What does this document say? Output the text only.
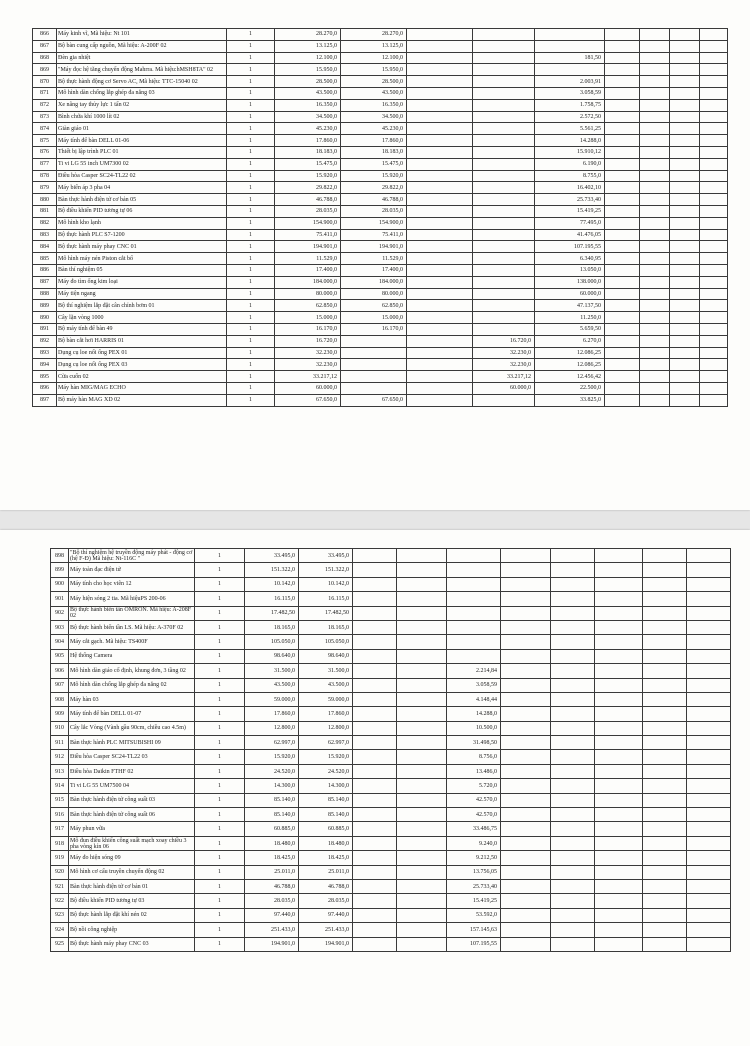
866	Máy kinh vĩ, Mã hiệu: Nt 101	1	28.270,0	28.270,0							
867	Bộ bàn cung cấp nguồn, Mã hiệu: A-200F 02	1	13.125,0	13.125,0							
868	Đèn gia nhiệt	1	12.100,0	12.100,0			181,50				
869	"Máy đọc hệ tăng chuyển động Mahrra. Mã hiệu:hMSH8TA" 02	1	15.950,0	15.950,0							
870	Bộ thực hành động cơ Servo AC, Mã hiệu: TTC-15040 02	1	28.500,0	28.500,0			2.003,91				
871	Mô hình dàn chống lắp ghép đa năng 03	1	43.500,0	43.500,0			3.058,59				
872	Xe nâng tay thủy lực 1 tấn 02	1	16.350,0	16.350,0			1.758,75				
873	Bình chứa khí 1000 lít 02	1	34.500,0	34.500,0			2.572,50				
874	Giàn giáo 01	1	45.230,0	45.230,0			5.561,25				
875	Máy tính để bàn DELL 01-06	1	17.860,0	17.860,0			14.288,0				
876	Thiết bị lập trình PLC 01	1	18.183,0	18.183,0			15.910,12				
877	Ti vi LG 55 inch UM7300 02	1	15.475,0	15.475,0			6.190,0				
878	Điều hòa Casper SC24-TL22 02	1	15.920,0	15.920,0			8.755,0				
879	Máy biến áp 3 pha 04	1	29.822,0	29.822,0			16.402,10				
880	Bàn thực hành điện tử cơ bản 05	1	46.788,0	46.788,0			25.733,40				
881	Bộ điều khiển PID tương tự 06	1	28.035,0	28.035,0			15.419,25				
882	Mô hình kho lạnh	1	154.900,0	154.900,0			77.495,0				
883	Bộ thực hành PLC S7-1200	1	75.411,0	75.411,0			41.476,05				
884	Bộ thực hành máy phay CNC 01	1	194.901,0	194.901,0			107.195,55				
885	Mô hình máy nén Piston cắt bổ	1	11.529,0	11.529,0			6.340,95				
886	Bàn thí nghiệm 05	1	17.400,0	17.400,0			13.050,0				
887	Máy đo tìm ống kim loại	1	184.000,0	184.000,0			138.000,0				
888	Máy tiện ngang	1	80.000,0	80.000,0			60.000,0				
889	Bộ thí nghiệm lắp đặt cân chỉnh bơm 01	1	62.850,0	62.850,0			47.137,50				
890	Cây lặn vòng 1000	1	15.000,0	15.000,0			11.250,0				
891	Bộ máy tính để bàn 49	1	16.170,0	16.170,0			5.659,50				
892	Bộ bàn cắt hơi HARRIS 01	1	16.720,0			16.720,0	6.270,0				
893	Dụng cụ loe nối ống PEX 01	1	32.230,0			32.230,0	12.086,25				
894	Dụng cụ loe nối ống PEX 03	1	32.230,0			32.230,0	12.086,25				
895	Cừa cuốn 02	1	33.217,12			33.217,12	12.456,42				
896	Máy hàn MIG/MAG ECHO	1	60.000,0			60.000,0	22.500,0				
897	Bộ máy hàn MAG XD 02	1	67.650,0	67.650,0			33.825,0				
898	"Bộ thí nghiệm hệ truyền động máy phát - động cơ (hệ F-Đ) Mã hiệu: Nt-116C "	1	33.495,0	33.495,0								
899	Máy toàn đạc điện tử	1	151.322,0	151.322,0								
900	Máy tính cho học viên 12	1	10.142,0	10.142,0								
901	Máy hiện sóng 2 tia. Mã hiệuPS 200-06	1	16.115,0	16.115,0								
902	Bộ thực hành biến tần OMRON. Mã hiệu: A-208F 02	1	17.482,50	17.482,50								
903	Bộ thực hành biến tần LS. Mã hiệu: A-370F 02	1	18.165,0	18.165,0								
904	Máy cắt gạch. Mã hiệu: TS400F	1	105.050,0	105.050,0								
905	Hệ thống Camera	1	98.640,0	98.640,0								
906	Mô hình dàn giáo cố định, khung đơn, 3 tầng 02	1	31.500,0	31.500,0			2.214,84					
907	Mô hình dàn chống lắp ghép đa năng 02	1	43.500,0	43.500,0			3.058,59					
908	Máy hàn 03	1	59.000,0	59.000,0			4.148,44					
909	Máy tính để bàn DELL 01-07	1	17.860,0	17.860,0			14.288,0					
910	Cây lắc Vòng (Vành gầu 90cm, chiều cao 4.5m)	1	12.800,0	12.800,0			10.500,0					
911	Bàn thực hành PLC MITSUBISHI 09	1	62.997,0	62.997,0			31.498,50					
912	Điều hòa Casper SC24-TL22 03	1	15.920,0	15.920,0			8.756,0					
913	Điều hòa Daikin FTHF 02	1	24.520,0	24.520,0			13.486,0					
914	Ti vi LG 55 UM7500 04	1	14.300,0	14.300,0			5.720,0					
915	Bàn thực hành điện tử công suất 03	1	85.140,0	85.140,0			42.570,0					
916	Bàn thực hành điện tử công suất 06	1	85.140,0	85.140,0			42.570,0					
917	Máy phun vữa	1	60.885,0	60.885,0			33.486,75					
918	Mô đun điều khiển công suất mạch xoay chiều 3 pha vòng kín 06	1	18.480,0	18.480,0			9.240,0					
919	Máy đo hiện sóng 09	1	18.425,0	18.425,0			9.212,50					
920	Mô hình cơ cấu truyền chuyển động 02	1	25.011,0	25.011,0			13.756,05					
921	Bàn thực hành điện tử cơ bản 01	1	46.788,0	46.788,0			25.733,40					
922	Bộ điều khiển PID tương tự 03	1	28.035,0	28.035,0			15.419,25					
923	Bộ thực hành lắp đặt khí nén 02	1	97.440,0	97.440,0			53.592,0					
924	Bộ nồi công nghiệp	1	251.433,0	251.433,0			157.145,63					
925	Bộ thực hành máy phay CNC 03	1	194.901,0	194.901,0			107.195,55					
